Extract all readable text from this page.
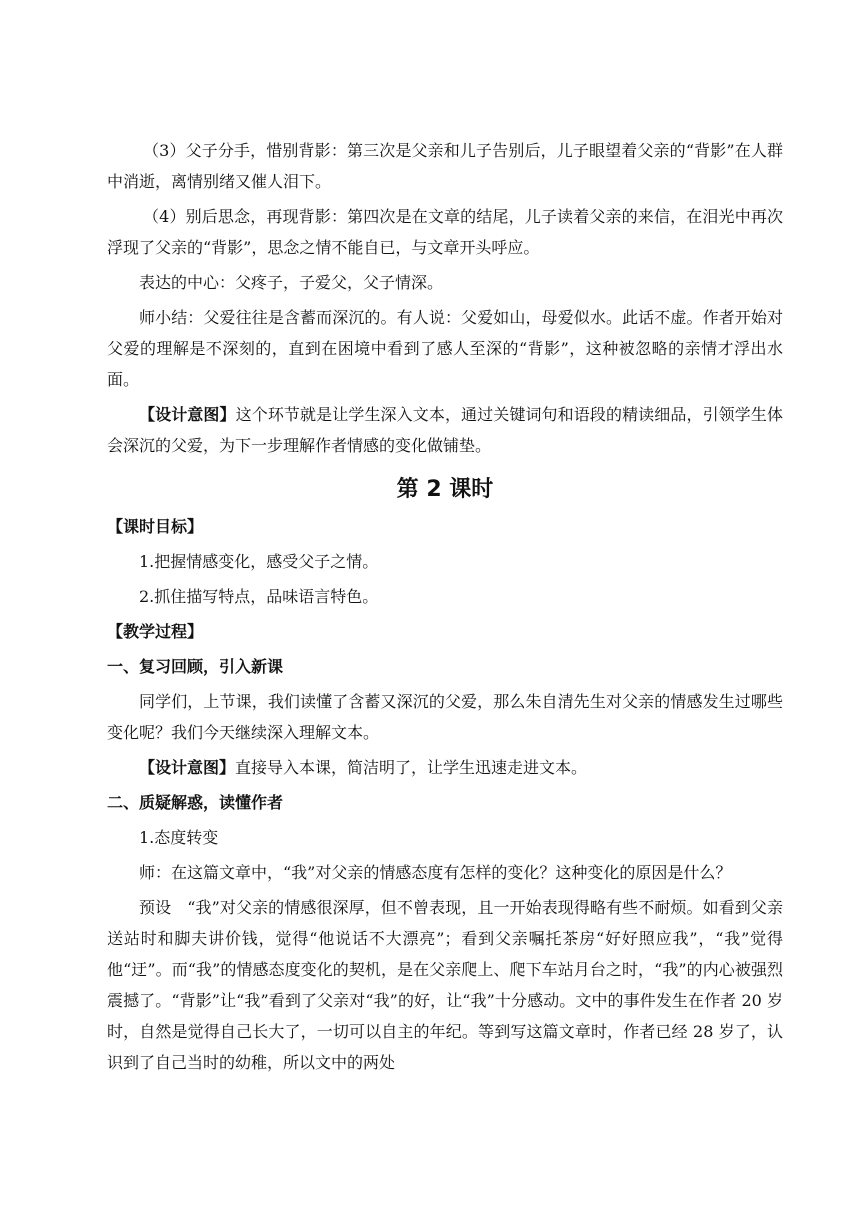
（3）父子分手，惜别背影：第三次是父亲和儿子告别后，儿子眼望着父亲的“背影”在人群中消逝，离情别绪又催人泪下。

（4）别后思念，再现背影：第四次是在文章的结尾，儿子读着父亲的来信，在泪光中再次浮现了父亲的“背影”，思念之情不能自已，与文章开头呼应。

表达的中心：父疼子，子爱父，父子情深。

师小结：父爱往往是含蓄而深沉的。有人说：父爱如山，母爱似水。此话不虚。作者开始对父爱的理解是不深刻的，直到在困境中看到了感人至深的“背影”，这种被忽略的亲情才浮出水面。

【设计意图】这个环节就是让学生深入文本，通过关键词句和语段的精读细品，引领学生体会深沉的父爱，为下一步理解作者情感的变化做铺垫。

第 2 课时

【课时目标】

1.把握情感变化，感受父子之情。

2.抓住描写特点，品味语言特色。

【教学过程】

一、复习回顾，引入新课

同学们，上节课，我们读懂了含蓄又深沉的父爱，那么朱自清先生对父亲的情感发生过哪些变化呢？我们今天继续深入理解文本。

【设计意图】直接导入本课，简洁明了，让学生迅速走进文本。

二、质疑解惑，读懂作者

1.态度转变

师：在这篇文章中，“我”对父亲的情感态度有怎样的变化？这种变化的原因是什么？

预设　“我”对父亲的情感很深厚，但不曾表现，且一开始表现得略有些不耐烦。如看到父亲送站时和脚夫讲价钱，觉得“他说话不大漂亮”；看到父亲嘱托茶房“好好照应我”，“我”觉得他“迂”。而“我”的情感态度变化的契机，是在父亲爬上、爬下车站月台之时，“我”的内心被强烈震撼了。“背影”让“我”看到了父亲对“我”的好，让“我”十分感动。文中的事件发生在作者 20 岁时，自然是觉得自己长大了，一切可以自主的年纪。等到写这篇文章时，作者已经 28 岁了，认识到了自己当时的幼稚，所以文中的两处
